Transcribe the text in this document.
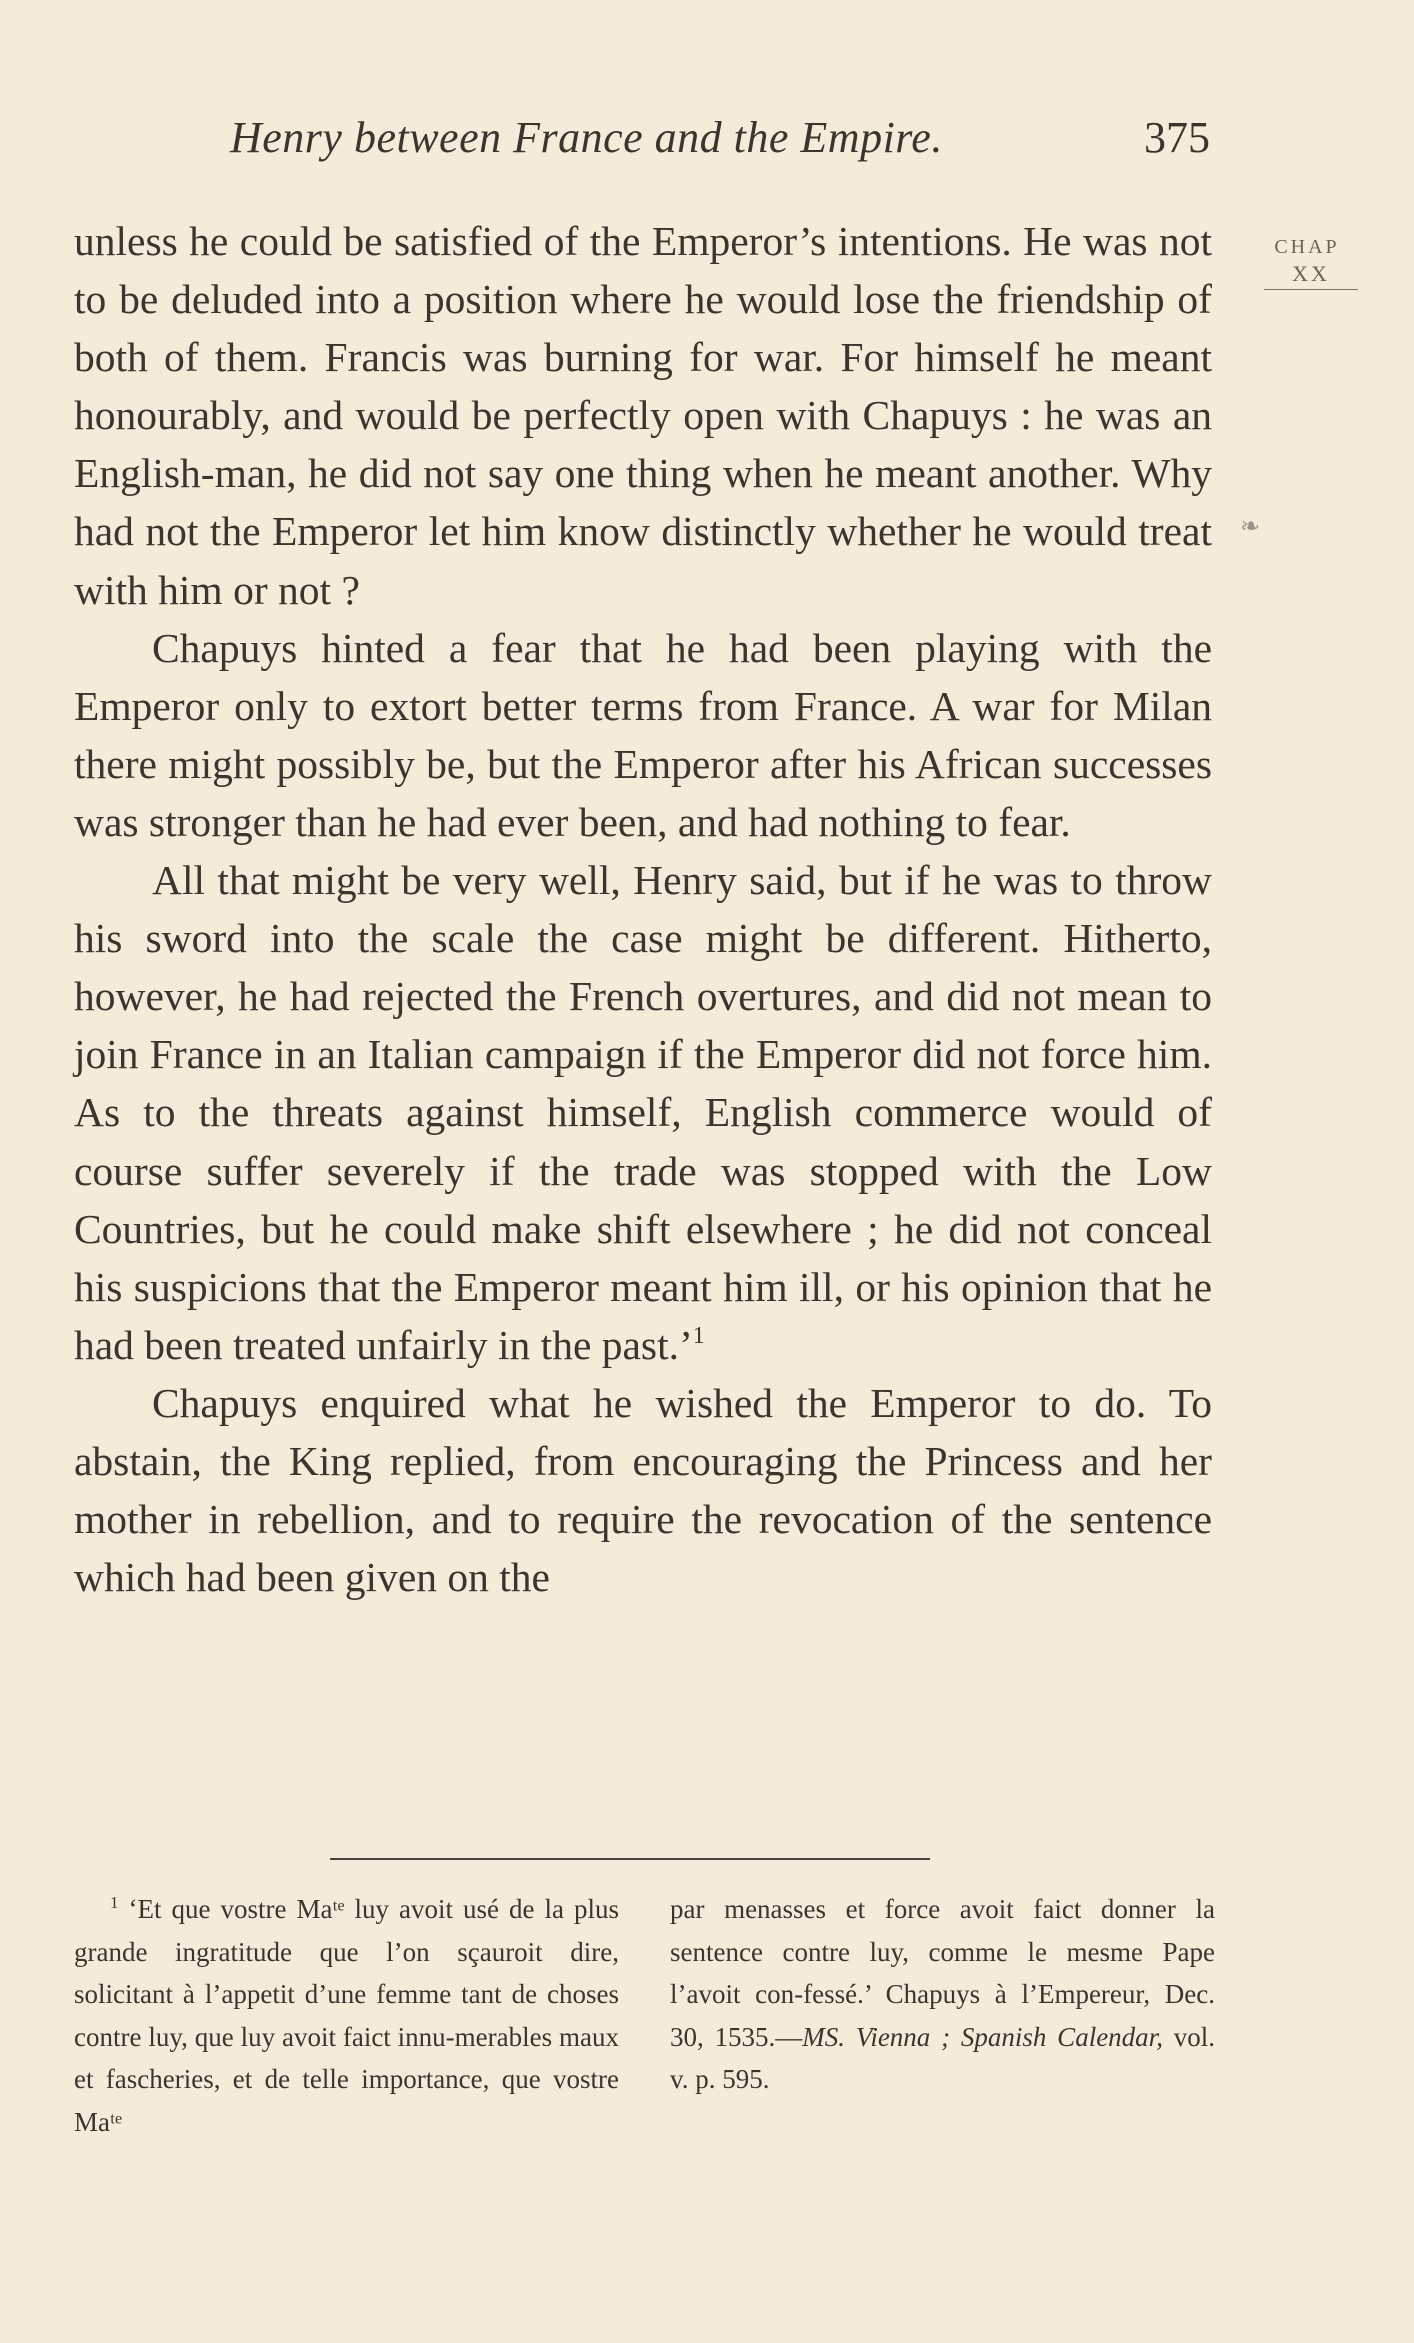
Henry between France and the Empire.	375
CHAP
XX
❧

unless he could be satisfied of the Emperor’s intentions. He was not to be deluded into a position where he would lose the friendship of both of them. Francis was burning for war. For himself he meant honourably, and would be perfectly open with Chapuys : he was an English-man, he did not say one thing when he meant another. Why had not the Emperor let him know distinctly whether he would treat with him or not ?

Chapuys hinted a fear that he had been playing with the Emperor only to extort better terms from France. A war for Milan there might possibly be, but the Emperor after his African successes was stronger than he had ever been, and had nothing to fear.

All that might be very well, Henry said, but if he was to throw his sword into the scale the case might be different. Hitherto, however, he had rejected the French overtures, and did not mean to join France in an Italian campaign if the Emperor did not force him. As to the threats against himself, English commerce would of course suffer severely if the trade was stopped with the Low Countries, but he could make shift elsewhere ; he did not conceal his suspicions that the Emperor meant him ill, or his opinion that he had been treated unfairly in the past.’$^1$

Chapuys enquired what he wished the Emperor to do. To abstain, the King replied, from encouraging the Princess and her mother in rebellion, and to require the revocation of the sentence which had been given on the

$^1$ ‘Et que vostre Maᵗᵉ luy avoit usé de la plus grande ingratitude que l’on sçauroit dire, solicitant à l’appetit d’une femme tant de choses contre luy, que luy avoit faict innu-merables maux et fascheries, et de telle importance, que vostre Maᵗᵉ

par menasses et force avoit faict donner la sentence contre luy, comme le mesme Pape l’avoit con-fessé.’ Chapuys à l’Empereur, Dec. 30, 1535.—MS. Vienna ; Spanish Calendar, vol. v. p. 595.
